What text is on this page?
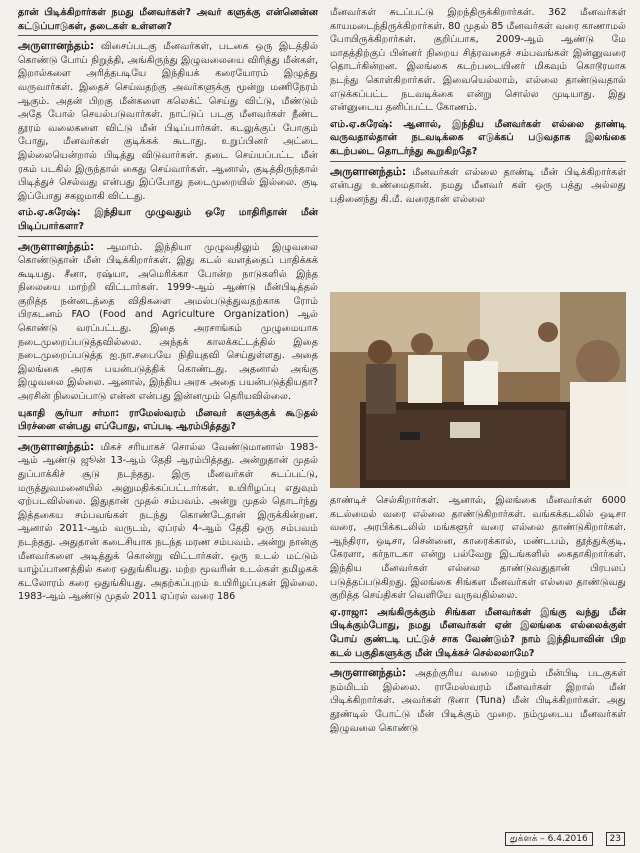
தான் பிடிக்கிறார்கள் நமது மீனவர்கள்? அவர் களுக்கு என்னென்ன கட்டுப்பாடுகள், தடைகள் உள்ளன?

அருளானந்தம்: விசைப்படகு மீனவர்கள், படகை ஒரு இடத்தில் கொண்டு போய் நிறுத்தி, அங்கிருந்து இழுவலையை விரித்து மீன்கள், இறால்களை அரித்தபடியே இந்தியக் கரையோரம் இழுத்து வருவார்கள். இதைச் செய்வதற்கு அவர்களுக்கு மூன்று மணிநேரம் ஆகும். அதன் பிறகு மீன்களை கலெக்ட் செய்து விட்டு, மீண்டும் அதே போல் செயல்படுவார்கள். நாட்டுப் படகு மீனவர்கள் நீண்ட தூரம் வலைகளை விட்டு மீன் பிடிப்பார்கள். கடலுக்குப் போகும் போது, மீனவர்கள் குடிக்கக் கூடாது. உறுப்பினர் அட்டை இல்லையென்றால் பிடித்து விடுவார்கள். தடை செய்யப்பட்ட மீன் ரகம் படகில் இருந்தால் கைது செய்வார்கள். ஆனால், குடித்திருந்தால் பிடித்துச் செல்வது என்பது இப்போது நடைமுறையில் இல்லை. குடி இப்போது சகஜமாகி விட்டது.

எம்.ஏ.சுரேஷ்: இந்தியா முழுவதும் ஒரே மாதிரிதான் மீன் பிடிப்பார்களா?

அருளானந்தம்: ஆமாம். இந்தியா முழுவதிலும் இழுவலை கொண்டுதான் மீன் பிடிக்கிறார்கள். இது கடல் வளத்தைப் பாதிக்கக் கூடியது. சீனா, ரஷ்யா, அமெரிக்கா போன்ற நாடுகளில் இந்த நிலையை மாற்றி விட்டார்கள். 1999-ஆம் ஆண்டு மீன்பிடித்தல் குறித்த நன்னடத்தை விதிகளை அமல்படுத்துவதற்காக ரோம் பிரகடனம் FAO (Food and Agriculture Organization) ஆல் கொண்டு வரப்பட்டது. இதை அரசாங்கம் முழுமையாக நடைமுறைப்படுத்தவில்லை. அந்தக் காலக்கட்டத்தில் இதை நடைமுறைப்படுத்த ஐ.நா.சபையே நிதியுதவி செய்துள்ளது. அதை இலங்கை அரசு பயன்படுத்திக் கொண்டது. அதனால் அங்கு இழுவலை இல்லை. ஆனால், இந்திய அரசு அதை பயன்படுத்தியதா? அரசின் நிலைப்பாடு என்ன என்பது இன்னமும் தெரியவில்லை.

யுகாதி சூர்யா சர்மா: ராமேஸ்வரம் மீனவர் களுக்குக் கூடுதல் பிரச்னை என்பது எப்போது, எப்படி ஆரம்பித்தது?

அருளானந்தம்: மிகச் சரியாகச் சொல்ல வேண்டுமானால் 1983-ஆம் ஆண்டு ஜூன் 13-ஆம் தேதி ஆரம்பித்தது. அன்றுதான் முதல் துப்பாக்கிச் சூடு நடந்தது. இரு மீனவர்கள் சுடப்பட்டு, மருத்துவமனையில் அனுமதிக்கப்பட்டார்கள். உயிரிழப்பு எதுவும் ஏற்படவில்லை. இதுதான் முதல் சம்பவம். அன்று முதல் தொடர்ந்து இத்தகைய சம்பவங்கள் நடந்து கொண்டேதான் இருக்கின்றன. ஆனால் 2011-ஆம் வருடம், ஏப்ரல் 4-ஆம் தேதி ஒரு சம்பவம் நடந்தது. அதுதான் கடைசியாக நடந்த மரண சம்பவம். அன்று நான்கு மீனவர்களை அடித்துக் கொன்று விட்டார்கள். ஒரு உடல் மட்டும் யாழ்ப்பாணத்தில் கரை ஒதுங்கியது. மற்ற மூவரின் உடல்கள் தமிழகக் கடலோரம் கரை ஒதுங்கியது. அதற்கப்புறம் உயிரிழப்புகள் இல்லை. 1983-ஆம் ஆண்டு முதல் 2011 ஏப்ரல் வரை 186

மீனவர்கள் சுடப்பட்டு இறந்திருக்கிறார்கள். 362 மீனவர்கள் காயமடைந்திருக்கிறார்கள். 80 முதல் 85 மீனவர்கள் வரை காணாமல் போயிருக்கிறார்கள். குறிப்பாக, 2009-ஆம் ஆண்டு மே மாதத்திற்குப் பின்னர் நிறைய சித்ரவதைச் சம்பவங்கள் இன்னுவரை தொடர்கின்றன. இலங்கை கடற்படையினர் மிகவும் கொடூரமாக நடந்து கொள்கிறார்கள். இவையெல்லாம், எல்லை தாண்டுவதால் எடுக்கப்பட்ட நடவடிக்கை என்று சொல்ல முடியாது. இது என்னுடைய தனிப்பட்ட கோணம்.

எம்.ஏ.சுரேஷ்: ஆனால், இந்திய மீனவர்கள் எல்லை தாண்டி வருவதால்தான் நடவடிக்கை எடுக்கப் படுவதாக இலங்கை கடற்படை தொடர்ந்து கூறுகிறதே?

அருளானந்தம்: மீனவர்கள் எல்லை தாண்டி மீன் பிடிக்கிறார்கள் என்பது உண்மைதான். நமது மீனவர் கள் ஒரு பத்து அல்லது பதினைந்து கி.மீ. வரைதான் எல்லை

தாண்டிச் செல்கிறார்கள். ஆனால், இலங்கை மீனவர்கள் 6000 கடல்மைல் வரை எல்லை தாண்டுகிறார்கள். வங்கக்கடலில் ஒடிசா வரை, அரபிக்கடலில் மங்களூர் வரை எல்லை தாண்டுகிறார்கள். ஆந்திரா, ஒடிசா, சென்னை, காரைக்கால், மண்டபம், தூத்துக்குடி, கேரளா, கர்நாடகா என்று பல்வேறு இடங்களில் கைதாகிறார்கள். இந்திய மீனவர்கள் எல்லை தாண்டுவதுதான் பிரபலப் படுத்தப்படுகிறது. இலங்கை சிங்கள மீனவர்கள் எல்லை தாண்டுவது குறித்த செய்திகள் வெளியே வருவதில்லை.

ஏ.ராஜா: அங்கிருக்கும் சிங்கள மீனவர்கள் இங்கு வந்து மீன் பிடிக்கும்போது, நமது மீனவர்கள் ஏன் இலங்கை எல்லைக்குள் போய் குண்டடி பட்டுச் சாக வேண்டும்? நாம் இந்தியாவின் பிற கடல் பகுதிகளுக்கு மீன் பிடிக்கச் செல்லலாமே?

அருளானந்தம்: அதற்குரிய வலை மற்றும் மீன்பிடி படகுகள் நம்மிடம் இல்லை. ராமேஸ்வரம் மீனவர்கள் இறால் மீன் பிடிக்கிறார்கள். அவர்கள் டூனா (Tuna) மீன் பிடிக்கிறார்கள். அது தூண்டில் போட்டு மீன் பிடிக்கும் முறை. நம்முடைய மீனவர்கள் இழுவலை கொண்டு

துக்ளக் – 6.4.2016	23
